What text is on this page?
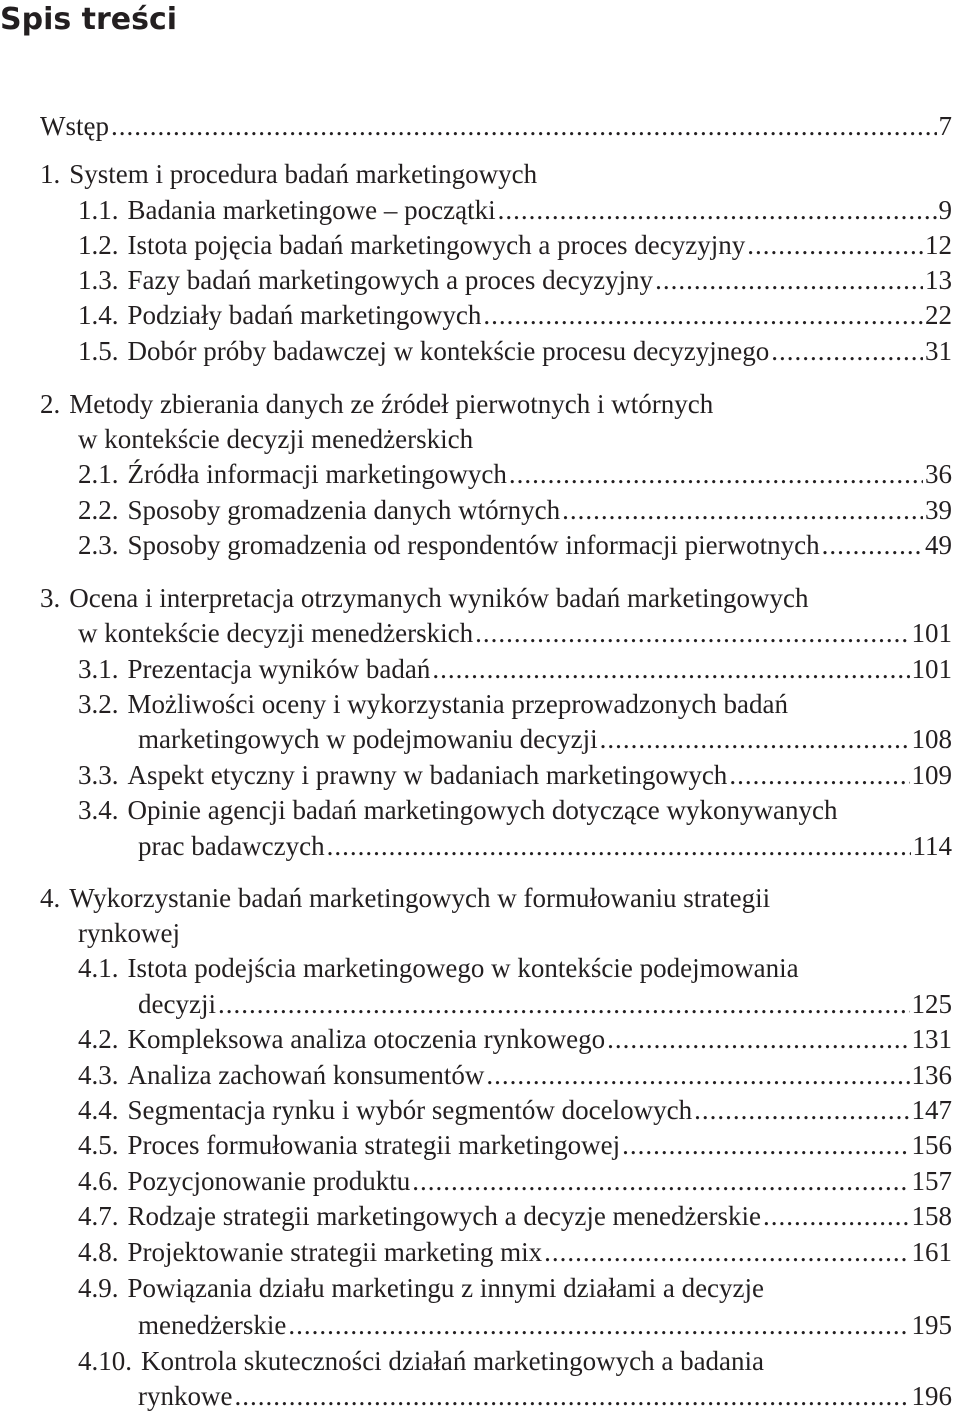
Spis treści
Wstęp .....	7
1. System i procedura badań marketingowych
1.1. Badania marketingowe – początki .....	9
1.2. Istota pojęcia badań marketingowych a proces decyzyjny .....	12
1.3. Fazy badań marketingowych a proces decyzyjny .....	13
1.4. Podziały badań marketingowych .....	22
1.5. Dobór próby badawczej w kontekście procesu decyzyjnego .....	31
2. Metody zbierania danych ze źródeł pierwotnych i wtórnych
w kontekście decyzji menedżerskich
2.1. Źródła informacji marketingowych .....	36
2.2. Sposoby gromadzenia danych wtórnych .....	39
2.3. Sposoby gromadzenia od respondentów informacji pierwotnych .....	49
3. Ocena i interpretacja otrzymanych wyników badań marketingowych
w kontekście decyzji menedżerskich .....	101
3.1. Prezentacja wyników badań .....	101
3.2. Możliwości oceny i wykorzystania przeprowadzonych badań
marketingowych w podejmowaniu decyzji .....	108
3.3. Aspekt etyczny i prawny w badaniach marketingowych .....	109
3.4. Opinie agencji badań marketingowych dotyczące wykonywanych
prac badawczych .....	114
4. Wykorzystanie badań marketingowych w formułowaniu strategii
rynkowej
4.1. Istota podejścia marketingowego w kontekście podejmowania
decyzji .....	125
4.2. Kompleksowa analiza otoczenia rynkowego .....	131
4.3. Analiza zachowań konsumentów .....	136
4.4. Segmentacja rynku i wybór segmentów docelowych .....	147
4.5. Proces formułowania strategii marketingowej .....	156
4.6. Pozycjonowanie produktu .....	157
4.7. Rodzaje strategii marketingowych a decyzje menedżerskie .....	158
4.8. Projektowanie strategii marketing mix .....	161
4.9. Powiązania działu marketingu z innymi działami a decyzje
menedżerskie .....	195
4.10. Kontrola skuteczności działań marketingowych a badania
rynkowe .....	196
